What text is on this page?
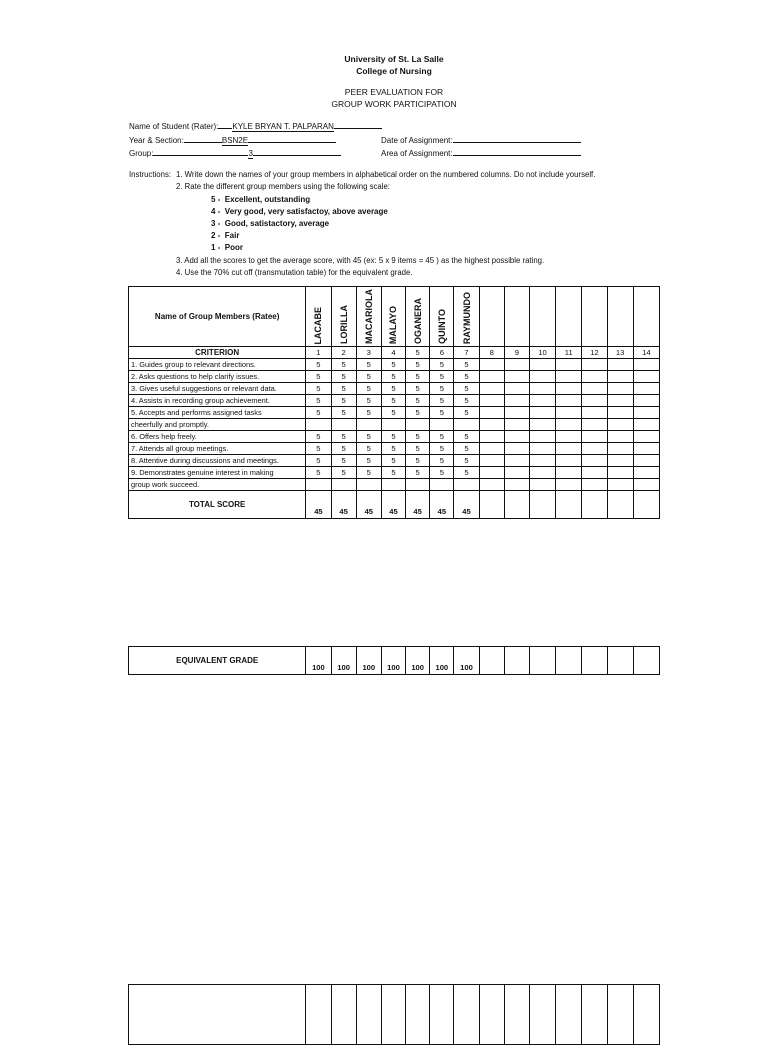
University of St. La Salle
College of Nursing
PEER EVALUATION FOR
GROUP WORK PARTICIPATION
Name of Student (Rater): KYLE BRYAN T. PALPARAN
Year & Section:	BSN2E
Group:	3
Date of Assignment:
Area of Assignment:
Instructions: 1. Write down the names of your group members in alphabetical order on the numbered columns. Do not include yourself.
2. Rate the different group members using the following scale:
5 -  Excellent, outstanding
4 -  Very good, very satisfactoy, above average
3 -  Good, satistactory, average
2 -  Fair
1 -  Poor
3. Add all the scores to get the average score, with 45 (ex: 5 x 9 items = 45 ) as the highest possible rating.
4. Use the 70% cut off (transmutation table) for the equivalent grade.
Name of Group Members (Ratee)	LACABE	LORILLA	MACARIOLA	MALAYO	OGANERA	QUINTO	RAYMUNDO							
CRITERION	1	2	3	4	5	6	7	8	9	10	11	12	13	14
1. Guides group to relevant directions.	5	5	5	5	5	5	5							
2. Asks questions to help clarify issues.	5	5	5	5	5	5	5							
3. Gives useful suggestions or relevant data.	5	5	5	5	5	5	5							
4. Assists in recording group achievement.	5	5	5	5	5	5	5							
5. Accepts and performs assigned tasks	5	5	5	5	5	5	5							
cheerfully and promptly.														
6. Offers help freely.	5	5	5	5	5	5	5							
7. Attends all group meetings.	5	5	5	5	5	5	5							
8. Attentive during discussions and meetings.	5	5	5	5	5	5	5							
9. Demonstrates genuine interest in making	5	5	5	5	5	5	5							
group work succeed.														
TOTAL SCORE	45	45	45	45	45	45	45							
EQUIVALENT GRADE	100	100	100	100	100	100	100							
